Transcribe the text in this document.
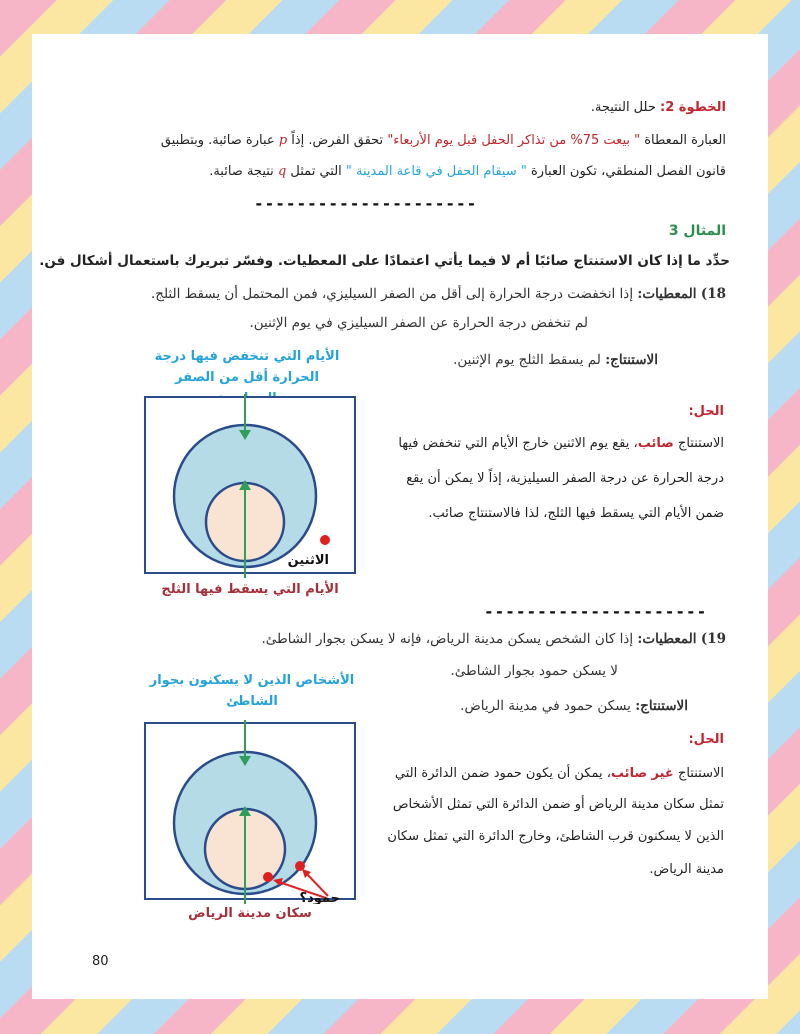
الخطوة 2: حلل النتيجة.
العبارة المعطاة " بيعت 75% من تذاكر الحفل قبل يوم الأربعاء" تحقق الفرض. إذاً p عبارة صائبة. وبتطبيق
قانون الفصل المنطقي، تكون العبارة " سيقام الحفل في قاعة المدينة " التي تمثل q نتيجة صائبة.
---------------------
المثال 3
حدِّد ما إذا كان الاستنتاج صائبًا أم لا فيما يأتي اعتمادًا على المعطيات. وفسّر تبريرك باستعمال أشكال فن.
18) المعطيات: إذا انخفضت درجة الحرارة إلى أقل من الصفر السيليزي، فمن المحتمل أن يسقط الثلج.
لم تنخفض درجة الحرارة عن الصفر السيليزي في يوم الإثنين.
الاستنتاج: لم يسقط الثلج يوم الإثنين.
الأيام التي تنخفض فيها درجة الحرارة أقل من الصفر
الاثنين
الأيام التي يسقط فيها الثلج
الحل:
الاستنتاج صائب، يقع يوم الاثنين خارج الأيام التي تنخفض فيها
درجة الحرارة عن درجة الصفر السيليزية، إذاً لا يمكن أن يقع
ضمن الأيام التي يسقط فيها الثلج، لذا فالاستنتاج صائب.
---------------------
19) المعطيات: إذا كان الشخص يسكن مدينة الرياض، فإنه لا يسكن بجوار الشاطئ.
لا يسكن حمود بجوار الشاطئ.
الاستنتاج: يسكن حمود في مدينة الرياض.
الأشخاص الذين لا يسكنون بجوار الشاطئ
حمود؟
سكان مدينة الرياض
الحل:
الاستنتاج غير صائب، يمكن أن يكون حمود ضمن الدائرة التي
تمثل سكان مدينة الرياض أو ضمن الدائرة التي تمثل الأشخاص
الذين لا يسكنون قرب الشاطئ، وخارج الدائرة التي تمثل سكان
مدينة الرياض.
80
